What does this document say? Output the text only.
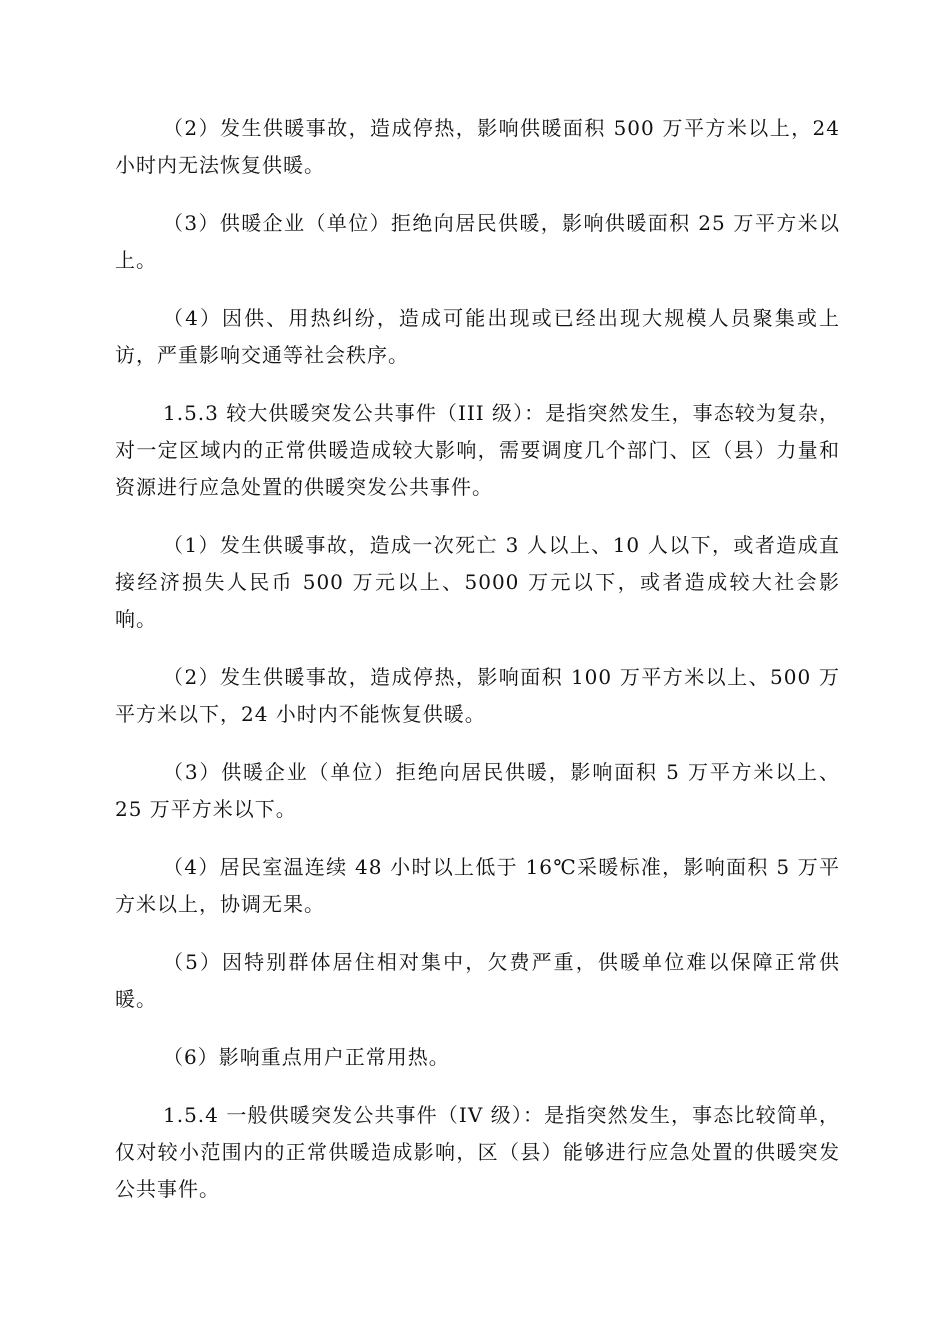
（2）发生供暖事故，造成停热，影响供暖面积 500 万平方米以上，24 小时内无法恢复供暖。

（3）供暖企业（单位）拒绝向居民供暖，影响供暖面积 25 万平方米以上。

（4）因供、用热纠纷，造成可能出现或已经出现大规模人员聚集或上访，严重影响交通等社会秩序。

1.5.3 较大供暖突发公共事件（III 级）：是指突然发生，事态较为复杂，对一定区域内的正常供暖造成较大影响，需要调度几个部门、区（县）力量和资源进行应急处置的供暖突发公共事件。

（1）发生供暖事故，造成一次死亡 3 人以上、10 人以下，或者造成直接经济损失人民币 500 万元以上、5000 万元以下，或者造成较大社会影响。

（2）发生供暖事故，造成停热，影响面积 100 万平方米以上、500 万平方米以下，24 小时内不能恢复供暖。

（3）供暖企业（单位）拒绝向居民供暖，影响面积 5 万平方米以上、25 万平方米以下。

（4）居民室温连续 48 小时以上低于 16℃采暖标准，影响面积 5 万平方米以上，协调无果。

（5）因特别群体居住相对集中，欠费严重，供暖单位难以保障正常供暖。

（6）影响重点用户正常用热。

1.5.4 一般供暖突发公共事件（IV 级）：是指突然发生，事态比较简单，仅对较小范围内的正常供暖造成影响，区（县）能够进行应急处置的供暖突发公共事件。
